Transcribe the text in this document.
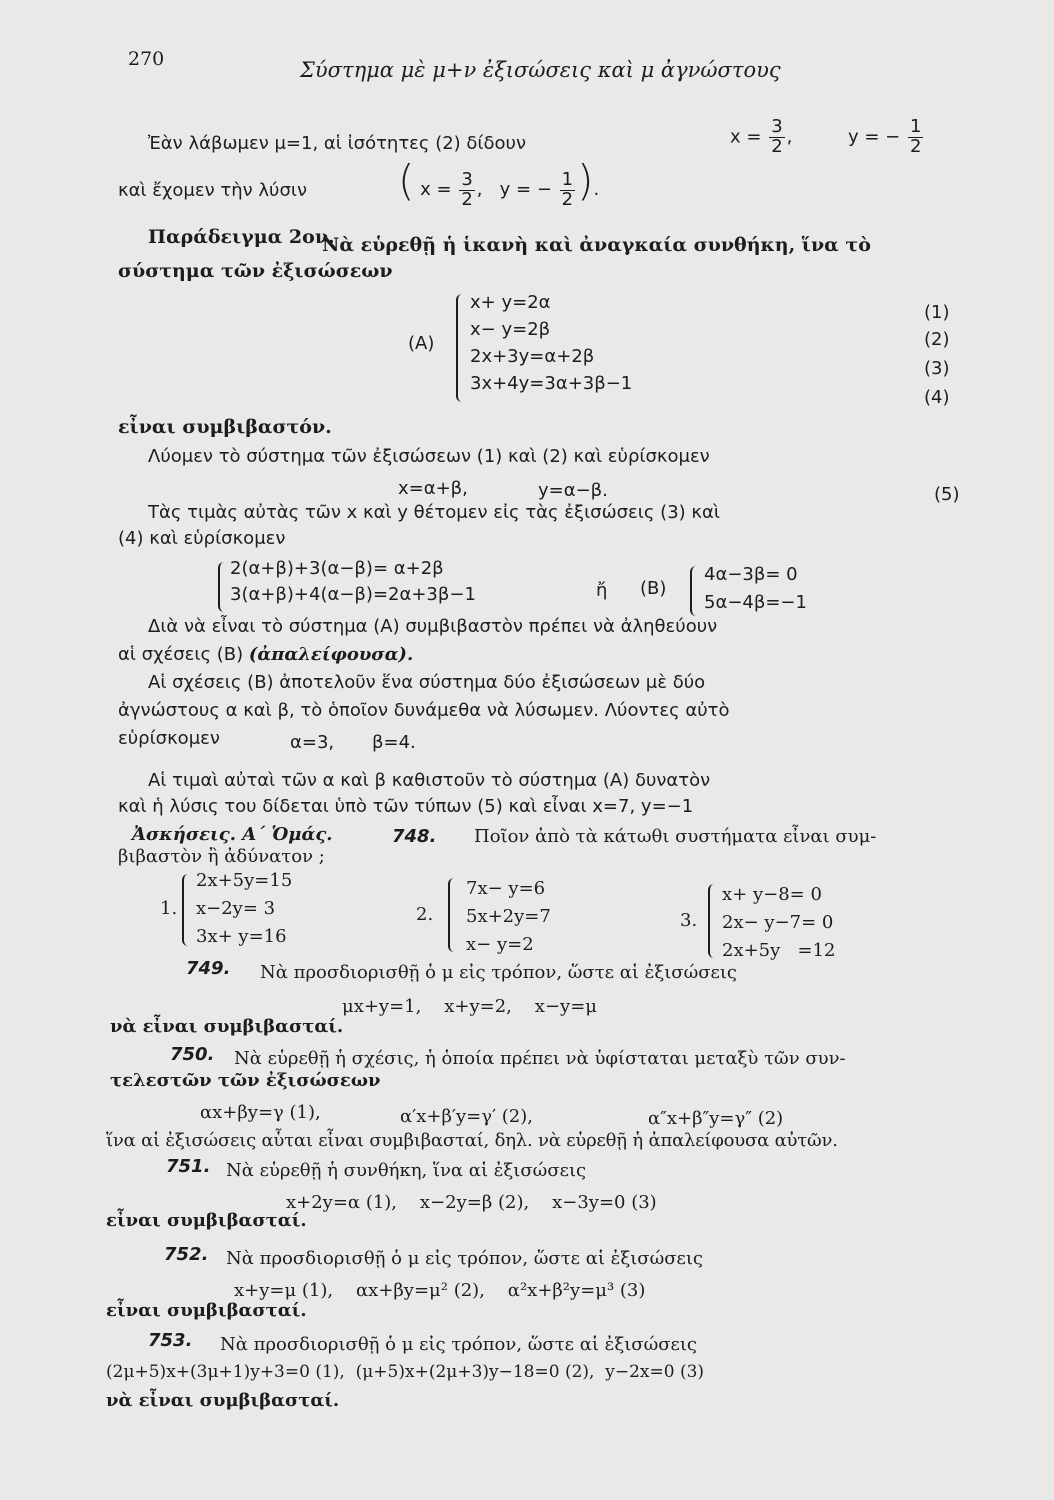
270	Σύστημα μὲ μ+ν ἐξισώσεις καὶ μ ἀγνώστους
Ἐὰν λάβωμεν μ=1, αἱ ἰσότητες (2) δίδουν	$x = \frac{3}{2}$ ,	y = − $\frac{1}{2}$
καὶ ἔχομεν τὴν λύσιν ( $x = \frac{3}{2}$ ,   y = − $\frac{1}{2}$ ).
Παράδειγμα 2ον.
Νὰ εὑρεθῇ ἡ ἱκανὴ καὶ ἀναγκαία συνθήκη, ἵνα τὸ
σύστημα τῶν ἐξισώσεων
(A)
x+ y=2α
x− y=2β
2x+3y=α+2β
3x+4y=3α+3β−1
(1)
(2)
(3)
(4)
εἶναι συμβιβαστόν.
Λύομεν τὸ σύστημα τῶν ἐξισώσεων (1) καὶ (2) καὶ εὑρίσκομεν
x=α+β,	y=α−β.	(5)
Τὰς τιμὰς αὐτὰς τῶν x καὶ y θέτομεν εἰς τὰς ἐξισώσεις (3) καὶ
(4) καὶ εὑρίσκομεν
2(α+β)+3(α−β)= α+2β
3(α+β)+4(α−β)=2α+3β−1	ἤ (B)
4α−3β= 0
5α−4β=−1
Διὰ νὰ εἶναι τὸ σύστημα (A) συμβιβαστὸν πρέπει νὰ ἀληθεύουν
αἱ σχέσεις (B) (ἀπαλείφουσα).
Αἱ σχέσεις (B) ἀποτελοῦν ἕνα σύστημα δύο ἐξισώσεων μὲ δύο
ἀγνώστους α καὶ β, τὸ ὁποῖον δυνάμεθα νὰ λύσωμεν. Λύοντες αὐτὸ
εὑρίσκομεν	α=3, β=4.
Αἱ τιμαὶ αὐταὶ τῶν α καὶ β καθιστοῦν τὸ σύστημα (A) δυνατὸν
καὶ ἡ λύσις του δίδεται ὑπὸ τῶν τύπων (5) καὶ εἶναι x=7, y=−1
Ἀσκήσεις. Α΄ Ὁμάς.	748. Ποῖον ἀπὸ τὰ κάτωθι συστήματα εἶναι συμ-
βιβαστὸν ἢ ἀδύνατον ;
1.
2x+5y=15
x−2y= 3
3x+ y=16
2.
7x− y=6
5x+2y=7
x− y=2
3.
x+ y−8= 0
2x− y−7= 0
2x+5y   =12
749. Νὰ προσδιορισθῇ ὁ μ εἰς τρόπον, ὥστε αἱ ἐξισώσεις
μx+y=1,    x+y=2,    x−y=μ
νὰ εἶναι συμβιβασταί.
750. Νὰ εὑρεθῇ ἡ σχέσις, ἡ ὁποία πρέπει νὰ ὑφίσταται μεταξὺ τῶν συν-
τελεστῶν τῶν ἐξισώσεων
αx+βy=γ (1),	α′x+β′y=γ′ (2),	α″x+β″y=γ″ (2)
ἵνα αἱ ἐξισώσεις αὗται εἶναι συμβιβασταί, δηλ. νὰ εὑρεθῇ ἡ ἀπαλείφουσα αὐτῶν.
751. Νὰ εὑρεθῇ ἡ συνθήκη, ἵνα αἱ ἐξισώσεις
x+2y=α (1),    x−2y=β (2),    x−3y=0 (3)
εἶναι συμβιβασταί.
752. Νὰ προσδιορισθῇ ὁ μ εἰς τρόπον, ὥστε αἱ ἐξισώσεις
x+y=μ (1),    αx+βy=μ² (2),    α²x+β²y=μ³ (3)
εἶναι συμβιβασταί.
753. Νὰ προσδιορισθῇ ὁ μ εἰς τρόπον, ὥστε αἱ ἐξισώσεις
(2μ+5)x+(3μ+1)y+3=0 (1),  (μ+5)x+(2μ+3)y−18=0 (2),  y−2x=0 (3)
νὰ εἶναι συμβιβασταί.
